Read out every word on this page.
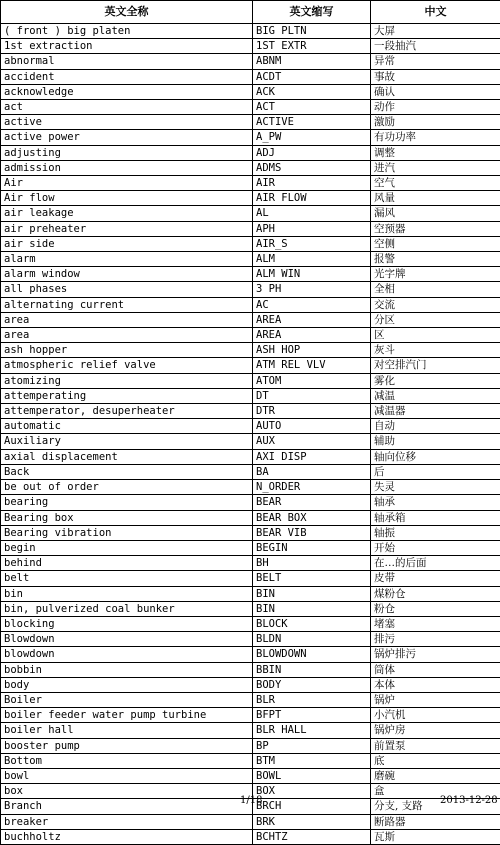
英文全称	英文缩写	中文
( front ) big platen	BIG PLTN	大屏
1st extraction	1ST EXTR	一段抽汽
abnormal	ABNM	异常
accident	ACDT	事故
acknowledge	ACK	确认
act	ACT	动作
active	ACTIVE	激励
active power	A_PW	有功功率
adjusting	ADJ	调整
admission	ADMS	进汽
Air	AIR	空气
Air flow	AIR FLOW	风量
air leakage	AL	漏风
air preheater	APH	空预器
air side	AIR_S	空侧
alarm	ALM	报警
alarm window	ALM WIN	光字牌
all phases	3 PH	全相
alternating current	AC	交流
area	AREA	分区
area	AREA	区
ash hopper	ASH HOP	灰斗
atmospheric relief valve	ATM REL VLV	对空排汽门
atomizing	ATOM	雾化
attemperating	DT	减温
attemperator, desuperheater	DTR	减温器
automatic	AUTO	自动
Auxiliary	AUX	辅助
axial displacement	AXI DISP	轴向位移
Back	BA	后
be out of order	N_ORDER	失灵
bearing	BEAR	轴承
Bearing box	BEAR BOX	轴承箱
Bearing vibration	BEAR VIB	轴振
begin	BEGIN	开始
behind	BH	在…的后面
belt	BELT	皮带
bin	BIN	煤粉仓
bin, pulverized coal bunker	BIN	粉仓
blocking	BLOCK	堵塞
Blowdown	BLDN	排污
blowdown	BLOWDOWN	锅炉排污
bobbin	BBIN	筒体
body	BODY	本体
Boiler	BLR	锅炉
boiler feeder water pump turbine	BFPT	小汽机
boiler hall	BLR HALL	锅炉房
booster pump	BP	前置泵
Bottom	BTM	底
bowl	BOWL	磨碗
box	BOX	盒
Branch	BRCH	分支, 支路
breaker	BRK	断路器
buchholtz	BCHTZ	瓦斯
1/18	2013-12-28
